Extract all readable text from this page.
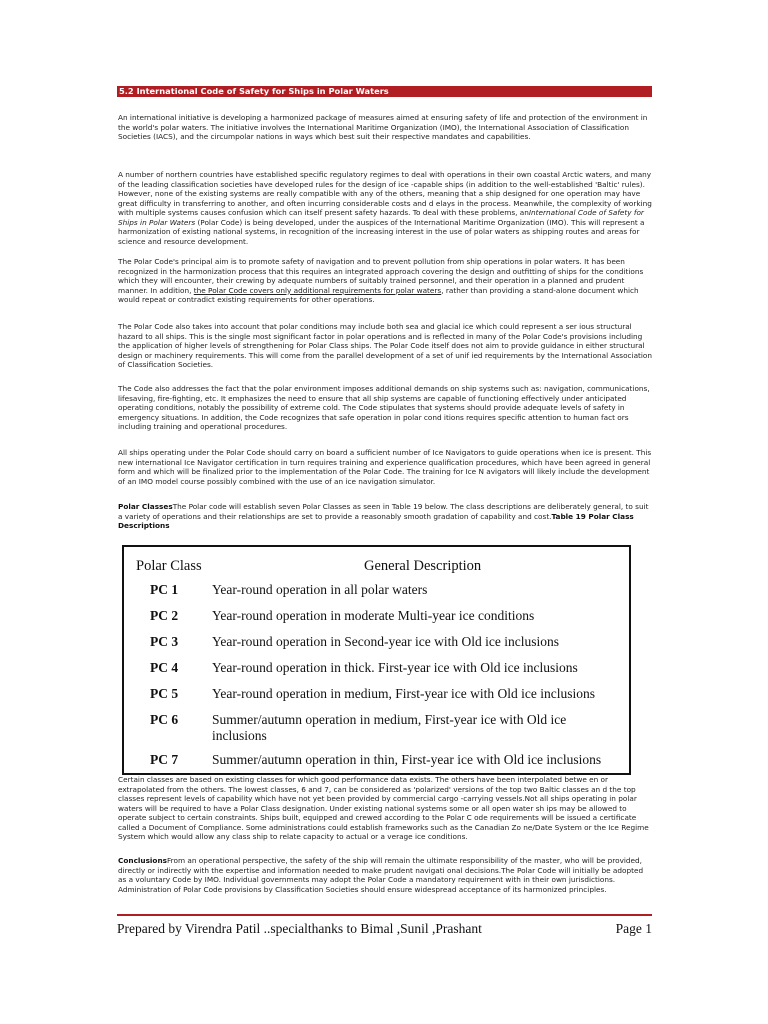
5.2 International Code of Safety for Ships in Polar Waters

An international initiative is developing a harmonized package of measures aimed at ensuring safety of life and protection of the environment in the world's polar waters. The initiative involves the International Maritime Organization (IMO), the International Association of Classification Societies (IACS), and the circumpolar nations in ways which best suit their respective mandates and capabilities.

A number of northern countries have established specific regulatory regimes to deal with operations in their own coastal Arctic waters, and many of the leading classification societies have developed rules for the design of ice -capable ships (in addition to the well-established 'Baltic' rules). However, none of the existing systems are really compatible with any of the others, meaning that a ship designed for one operation may have great difficulty in transferring to another, and often incurring considerable costs and d elays in the process. Meanwhile, the complexity of working with multiple systems causes confusion which can itself present safety hazards. To deal with these problems, anInternational Code of Safety for Ships in Polar Waters (Polar Code) is being developed, under the auspices of the International Maritime Organization (IMO). This will represent a harmonization of existing national systems, in recognition of the increasing interest in the use of polar waters as shipping routes and areas for science and resource development.

The Polar Code's principal aim is to promote safety of navigation and to prevent pollution from ship operations in polar waters. It has been recognized in the harmonization process that this requires an integrated approach covering the design and outfitting of ships for the conditions which they will encounter, their crewing by adequate numbers of suitably trained personnel, and their operation in a planned and prudent manner. In addition, the Polar Code covers only additional requirements for polar waters, rather than providing a stand-alone document which would repeat or contradict existing requirements for other operations.

The Polar Code also takes into account that polar conditions may include both sea and glacial ice which could represent a ser ious structural hazard to all ships. This is the single most significant factor in polar operations and is reflected in many of the Polar Code's provisions including the application of higher levels of strengthening for Polar Class ships. The Polar Code itself does not aim to provide guidance in either structural design or machinery requirements. This will come from the parallel development of a set of unif ied requirements by the International Association of Classification Societies.

The Code also addresses the fact that the polar environment imposes additional demands on ship systems such as: navigation, communications, lifesaving, fire-fighting, etc. It emphasizes the need to ensure that all ship systems are capable of functioning effectively under anticipated operating conditions, notably the possibility of extreme cold. The Code stipulates that systems should provide adequate levels of safety in emergency situations. In addition, the Code recognizes that safe operation in polar cond itions requires specific attention to human fact ors including training and operational procedures.

All ships operating under the Polar Code should carry on board a sufficient number of Ice Navigators to guide operations when ice is present. This new international Ice Navigator certification in turn requires training and experience qualification procedures, which have been agreed in general form and which will be finalized prior to the implementation of the Polar Code. The training for Ice N avigators will likely include the development of an IMO model course possibly combined with the use of an ice navigation simulator.

Polar ClassesThe Polar code will establish seven Polar Classes as seen in Table 19 below. The class descriptions are deliberately general, to suit a variety of operations and their relationships are set to provide a reasonably smooth gradation of capability and cost.Table 19 Polar Class Descriptions

Polar Class	General Description
PC 1	Year-round operation in all polar waters
PC 2	Year-round operation in moderate Multi-year ice conditions
PC 3	Year-round operation in Second-year ice with Old ice inclusions
PC 4	Year-round operation in thick. First-year ice with Old ice inclusions
PC 5	Year-round operation in medium, First-year ice with Old ice inclusions
PC 6	Summer/autumn operation in medium, First-year ice with Old ice inclusions
PC 7	Summer/autumn operation in thin, First-year ice with Old ice inclusions

Certain classes are based on existing classes for which good performance data exists. The others have been interpolated betwe en or extrapolated from the others. The lowest classes, 6 and 7, can be considered as 'polarized' versions of the top two Baltic classes an d the top classes represent levels of capability which have not yet been provided by commercial cargo -carrying vessels.Not all ships operating in polar waters will be required to have a Polar Class designation. Under existing national systems some or all open water sh ips may be allowed to operate subject to certain constraints. Ships built, equipped and crewed according to the Polar C ode requirements will be issued a certificate called a Document of Compliance. Some administrations could establish frameworks such as the Canadian Zo ne/Date System or the Ice Regime System which would allow any class ship to relate capacity to actual or a verage ice conditions.

ConclusionsFrom an operational perspective, the safety of the ship will remain the ultimate responsibility of the master, who will be provided, directly or indirectly with the expertise and information needed to make prudent navigati onal decisions.The Polar Code will initially be adopted as a voluntary Code by IMO. Individual governments may adopt the Polar Code a mandatory requirement with in their own jurisdictions. Administration of Polar Code provisions by Classification Societies should ensure widespread acceptance of its harmonized principles.

Prepared by Virendra Patil ..specialthanks to Bimal ,Sunil ,Prashant	Page 1
